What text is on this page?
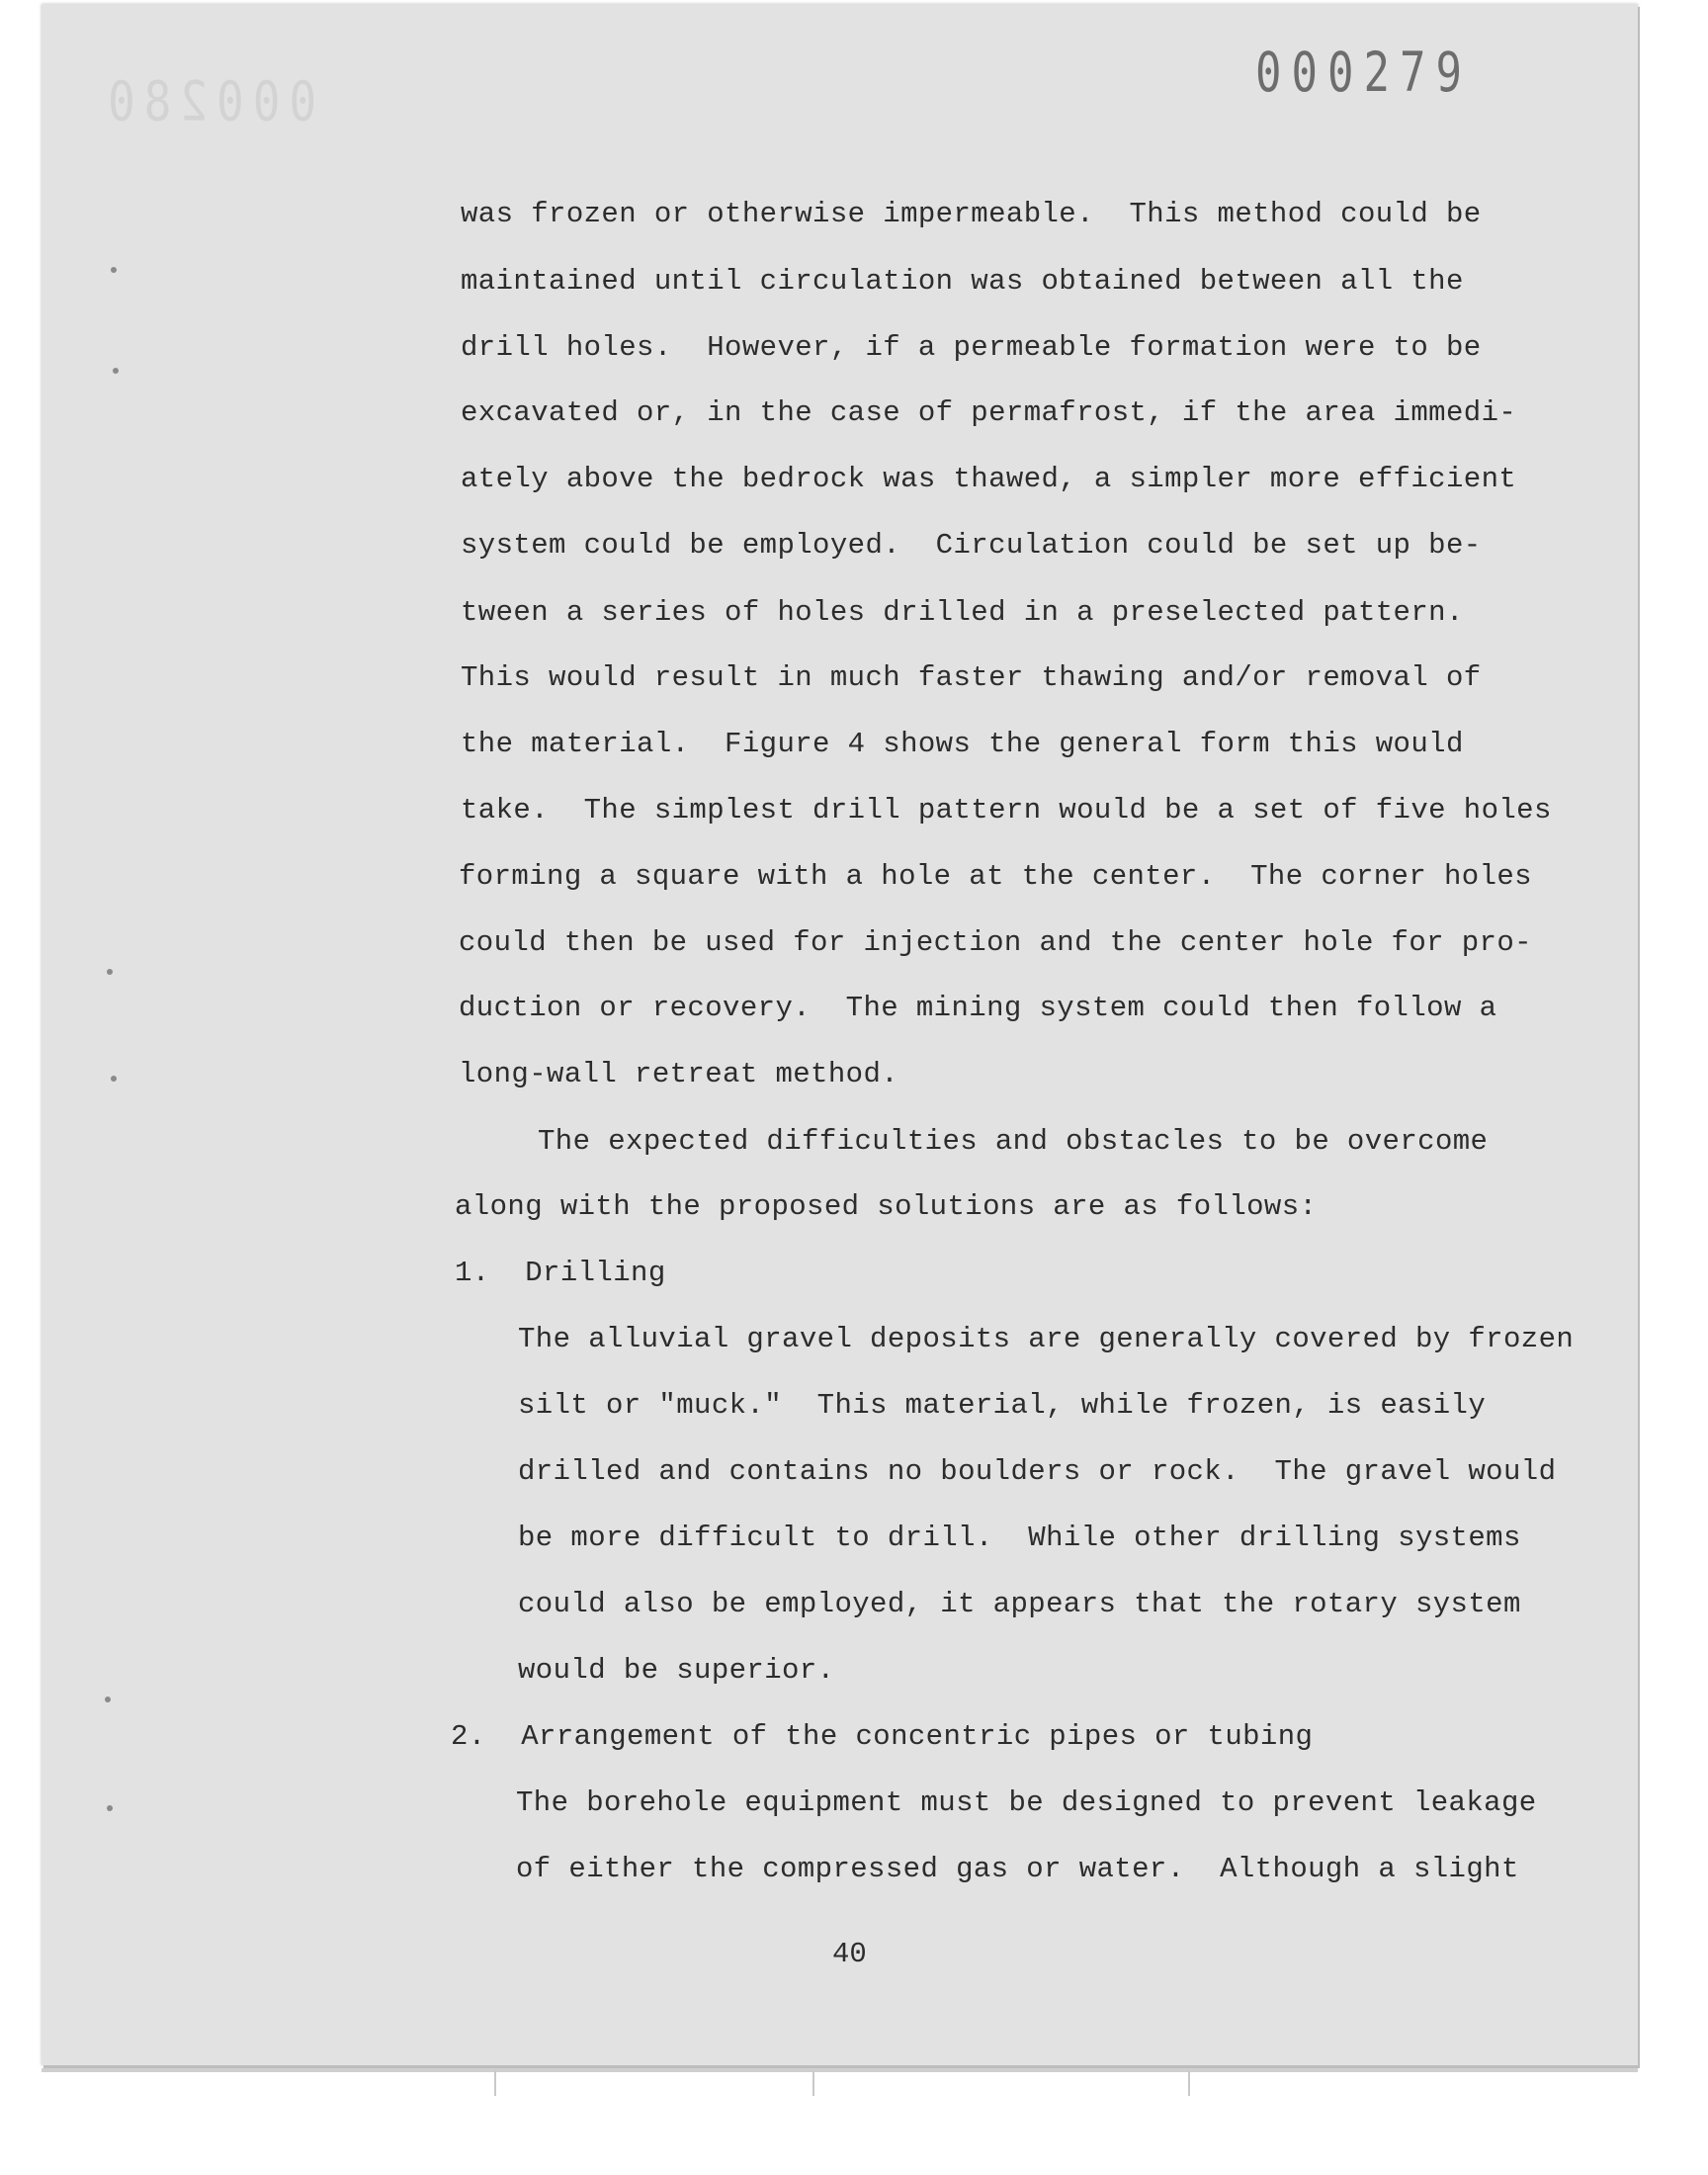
000280	000279
was frozen or otherwise impermeable.  This method could be
maintained until circulation was obtained between all the
drill holes.  However, if a permeable formation were to be
excavated or, in the case of permafrost, if the area immedi-
ately above the bedrock was thawed, a simpler more efficient
system could be employed.  Circulation could be set up be-
tween a series of holes drilled in a preselected pattern.
This would result in much faster thawing and/or removal of
the material.  Figure 4 shows the general form this would
take.  The simplest drill pattern would be a set of five holes
forming a square with a hole at the center.  The corner holes
could then be used for injection and the center hole for pro-
duction or recovery.  The mining system could then follow a
long-wall retreat method.
The expected difficulties and obstacles to be overcome
along with the proposed solutions are as follows:
1.  Drilling
The alluvial gravel deposits are generally covered by frozen
silt or "muck."  This material, while frozen, is easily
drilled and contains no boulders or rock.  The gravel would
be more difficult to drill.  While other drilling systems
could also be employed, it appears that the rotary system
would be superior.
2.  Arrangement of the concentric pipes or tubing
The borehole equipment must be designed to prevent leakage
of either the compressed gas or water.  Although a slight
40
